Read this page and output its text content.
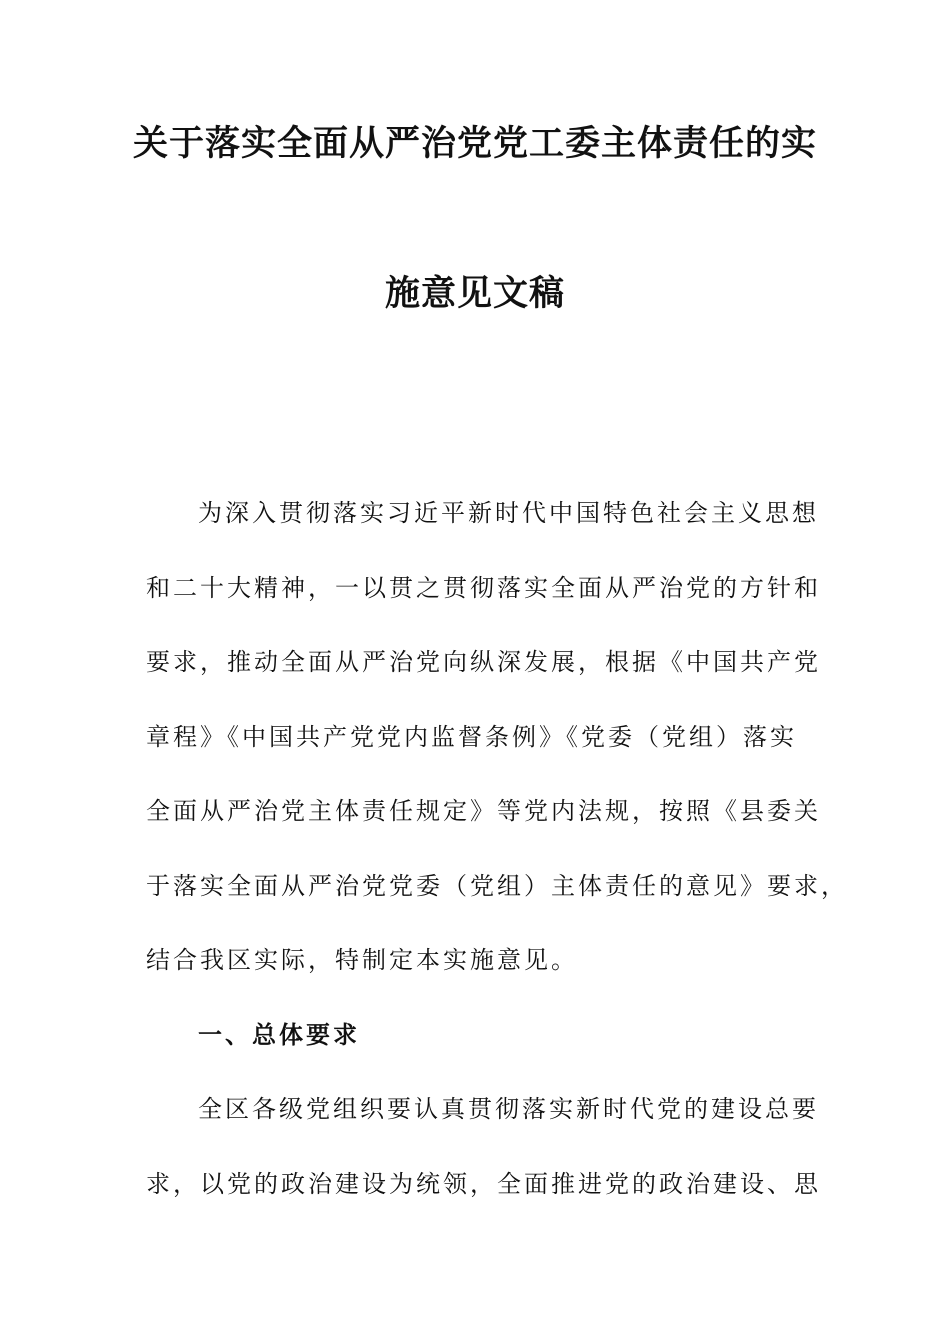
关于落实全面从严治党党工委主体责任的实
施意见文稿
为深入贯彻落实习近平新时代中国特色社会主义思想
和二十大精神，一以贯之贯彻落实全面从严治党的方针和
要求，推动全面从严治党向纵深发展，根据《中国共产党
章程》《中国共产党党内监督条例》《党委（党组）落实
全面从严治党主体责任规定》等党内法规，按照《县委关
于落实全面从严治党党委（党组）主体责任的意见》要求，
结合我区实际，特制定本实施意见。
一、总体要求
全区各级党组织要认真贯彻落实新时代党的建设总要
求，以党的政治建设为统领，全面推进党的政治建设、思
